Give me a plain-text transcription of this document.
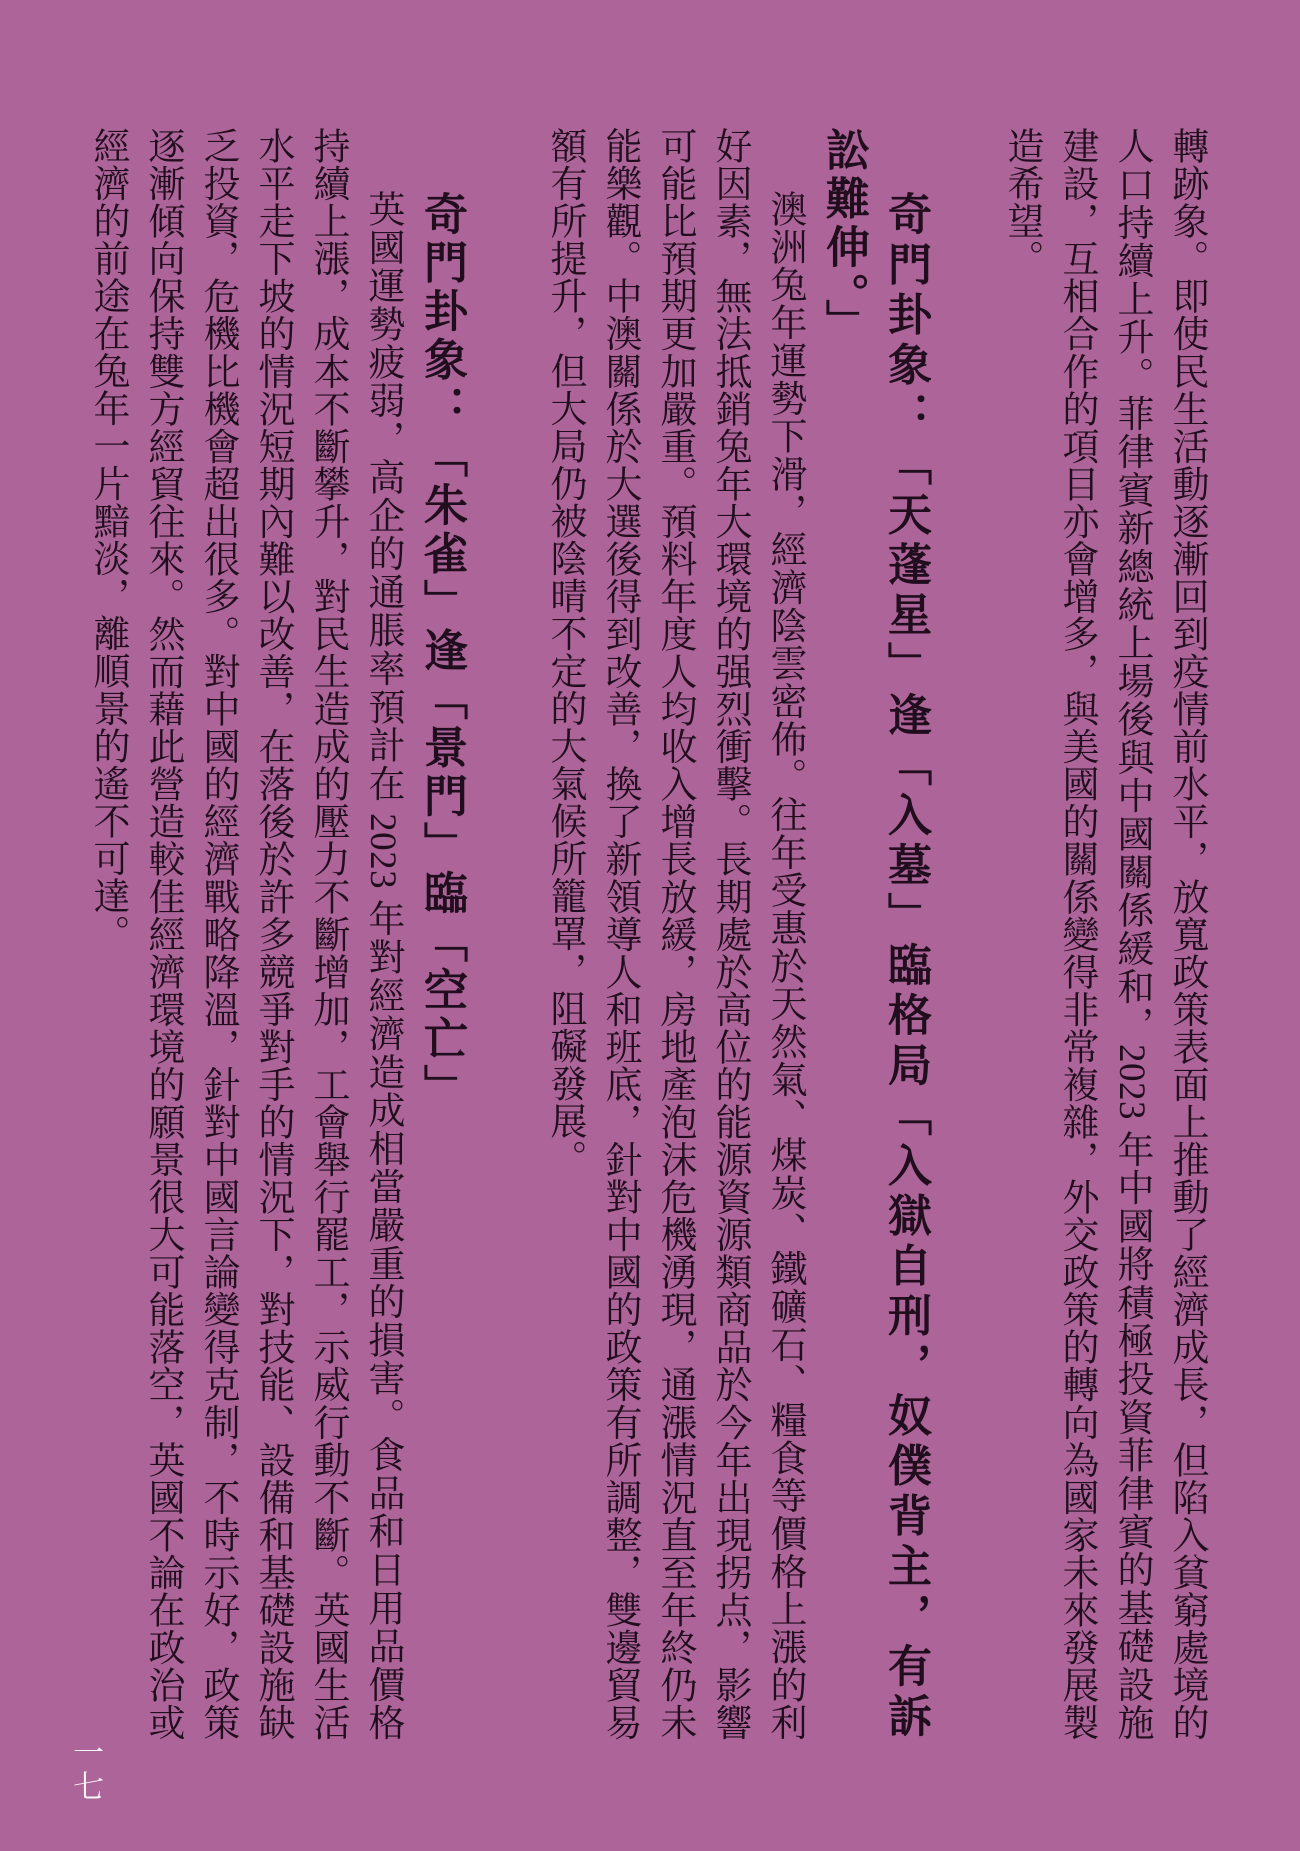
轉跡象。即使民生活動逐漸回到疫情前水平，放寬政策表面上推動了經濟成長，但陷入貧窮處境的人口持續上升。菲律賓新總統上場後與中國關係緩和，2023 年中國將積極投資菲律賓的基礎設施建設，互相合作的項目亦會增多，與美國的關係變得非常複雜，外交政策的轉向為國家未來發展製造希望。

奇門卦象：「天蓬星」逢「入墓」臨格局「入獄自刑，奴僕背主，有訴訟難伸。」

澳洲兔年運勢下滑，經濟陰雲密佈。往年受惠於天然氣、煤炭、鐵礦石、糧食等價格上漲的利好因素，無法抵銷兔年大環境的强烈衝擊。長期處於高位的能源資源類商品於今年出現拐点，影響可能比預期更加嚴重。預料年度人均收入增長放緩，房地產泡沫危機湧現，通漲情況直至年終仍未能樂觀。中澳關係於大選後得到改善，換了新領導人和班底，針對中國的政策有所調整，雙邊貿易額有所提升，但大局仍被陰晴不定的大氣候所籠罩，阻礙發展。

奇門卦象：「朱雀」逢「景門」臨「空亡」

英國運勢疲弱，高企的通脹率預計在 2023 年對經濟造成相當嚴重的損害。食品和日用品價格持續上漲，成本不斷攀升，對民生造成的壓力不斷增加，工會舉行罷工，示威行動不斷。英國生活水平走下坡的情況短期內難以改善，在落後於許多競爭對手的情況下，對技能、設備和基礎設施缺乏投資，危機比機會超出很多。對中國的經濟戰略降溫，針對中國言論變得克制，不時示好，政策逐漸傾向保持雙方經貿往來。然而藉此營造較佳經濟環境的願景很大可能落空，英國不論在政治或經濟的前途在兔年一片黯淡，離順景的遙不可達。

一七
